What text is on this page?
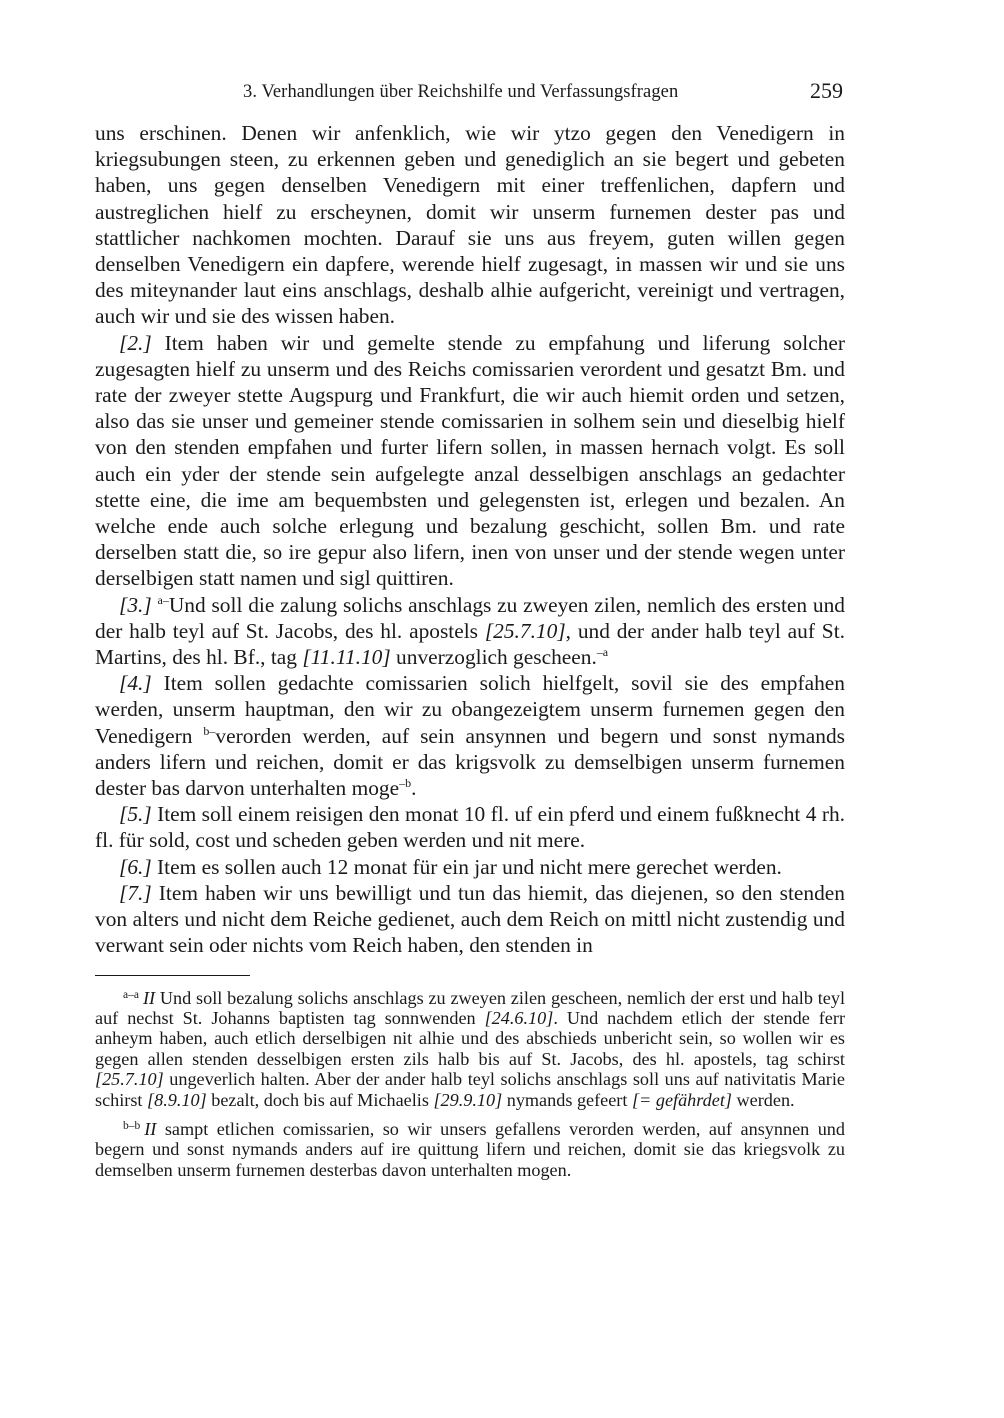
3. Verhandlungen über Reichshilfe und Verfassungsfragen	259

uns erschinen. Denen wir anfenklich, wie wir ytzo gegen den Venedigern in kriegsubungen steen, zu erkennen geben und genediglich an sie begert und gebeten haben, uns gegen denselben Venedigern mit einer treffenlichen, dapfern und austreglichen hielf zu erscheynen, domit wir unserm furnemen dester pas und stattlicher nachkomen mochten. Darauf sie uns aus freyem, guten willen gegen denselben Venedigern ein dapfere, werende hielf zugesagt, in massen wir und sie uns des miteynander laut eins anschlags, deshalb alhie aufgericht, vereinigt und vertragen, auch wir und sie des wissen haben.

[2.] Item haben wir und gemelte stende zu empfahung und liferung solcher zugesagten hielf zu unserm und des Reichs comissarien verordent und gesatzt Bm. und rate der zweyer stette Augspurg und Frankfurt, die wir auch hiemit orden und setzen, also das sie unser und gemeiner stende comissarien in solhem sein und dieselbig hielf von den stenden empfahen und furter lifern sollen, in massen hernach volgt. Es soll auch ein yder der stende sein aufgelegte anzal desselbigen anschlags an gedachter stette eine, die ime am bequembsten und gelegensten ist, erlegen und bezalen. An welche ende auch solche erlegung und bezalung geschicht, sollen Bm. und rate derselben statt die, so ire gepur also lifern, inen von unser und der stende wegen unter derselbigen statt namen und sigl quittiren.

[3.] $^{a-}$Und soll die zalung solichs anschlags zu zweyen zilen, nemlich des ersten und der halb teyl auf St. Jacobs, des hl. apostels [25.7.10], und der ander halb teyl auf St. Martins, des hl. Bf., tag [11.11.10] unverzoglich gescheen.$^{-a}$

[4.] Item sollen gedachte comissarien solich hielfgelt, sovil sie des empfahen werden, unserm hauptman, den wir zu obangezeigtem unserm furnemen gegen den Venedigern $^{b-}$verorden werden, auf sein ansynnen und begern und sonst nymands anders lifern und reichen, domit er das krigsvolk zu demselbigen unserm furnemen dester bas darvon unterhalten moge$^{-b}$.

[5.] Item soll einem reisigen den monat 10 fl. uf ein pferd und einem fußknecht 4 rh. fl. für sold, cost und scheden geben werden und nit mere.

[6.] Item es sollen auch 12 monat für ein jar und nicht mere gerechet werden.

[7.] Item haben wir uns bewilligt und tun das hiemit, das diejenen, so den stenden von alters und nicht dem Reiche gedienet, auch dem Reich on mittl nicht zustendig und verwant sein oder nichts vom Reich haben, den stenden in

$^{a-a}$ II Und soll bezalung solichs anschlags zu zweyen zilen gescheen, nemlich der erst und halb teyl auf nechst St. Johanns baptisten tag sonnwenden [24.6.10]. Und nachdem etlich der stende ferr anheym haben, auch etlich derselbigen nit alhie und des abschieds unbericht sein, so wollen wir es gegen allen stenden desselbigen ersten zils halb bis auf St. Jacobs, des hl. apostels, tag schirst [25.7.10] ungeverlich halten. Aber der ander halb teyl solichs anschlags soll uns auf nativitatis Marie schirst [8.9.10] bezalt, doch bis auf Michaelis [29.9.10] nymands gefeert [= gefährdet] werden.

$^{b-b}$ II sampt etlichen comissarien, so wir unsers gefallens verorden werden, auf ansynnen und begern und sonst nymands anders auf ire quittung lifern und reichen, domit sie das kriegsvolk zu demselben unserm furnemen desterbas davon unterhalten mogen.
